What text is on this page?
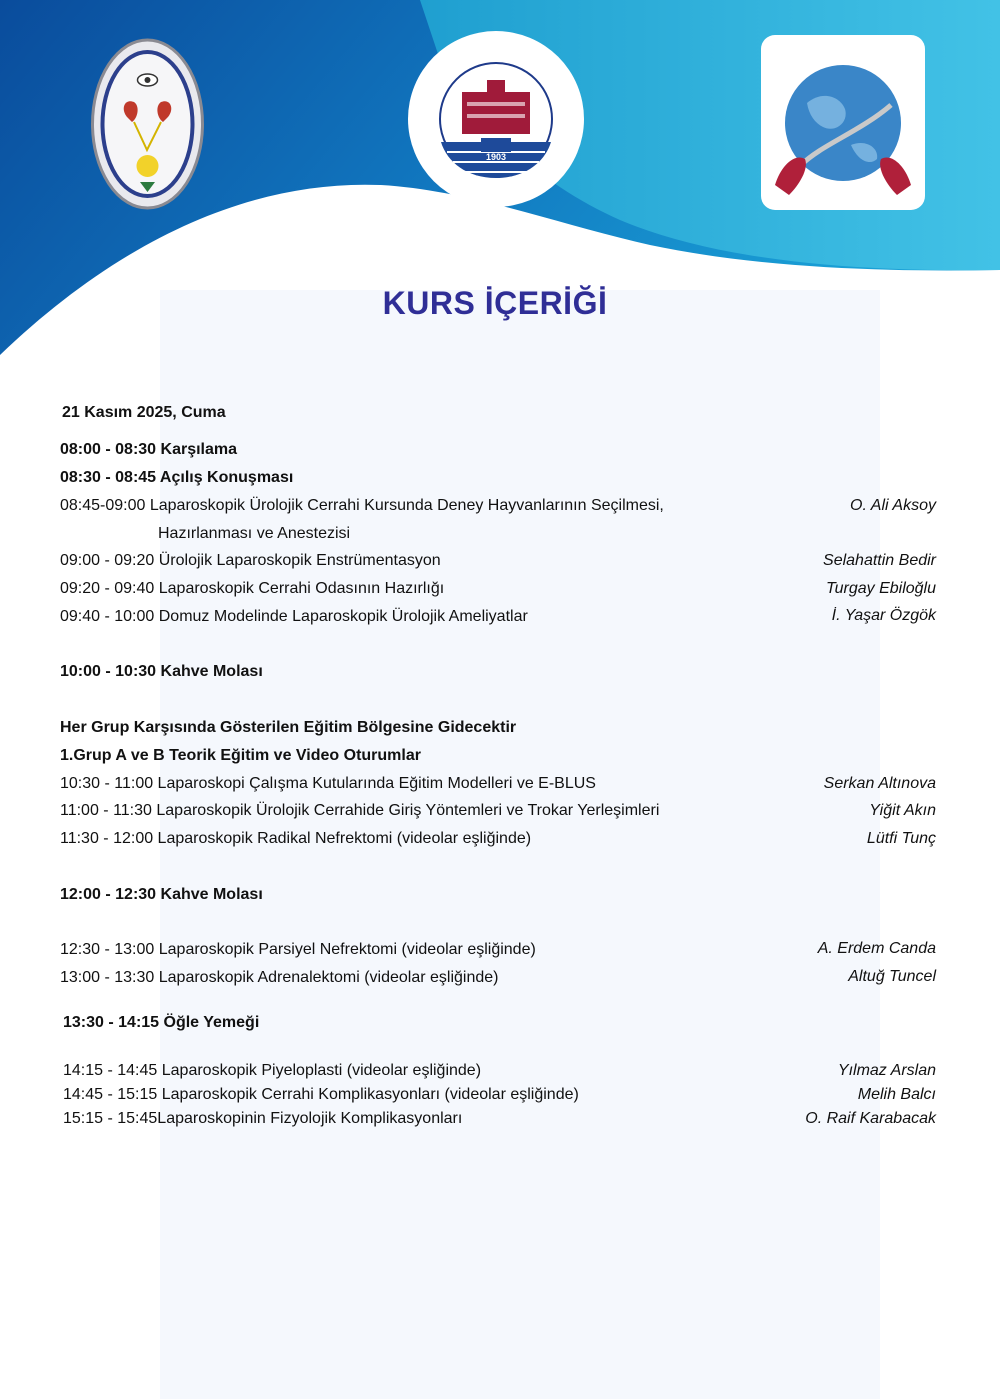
1903
KURS İÇERİĞİ
21 Kasım 2025, Cuma
08:00 - 08:30 Karşılama
08:30 - 08:45 Açılış Konuşması
08:45-09:00 Laparoskopik Ürolojik Cerrahi Kursunda Deney Hayvanlarının Seçilmesi,	O. Ali Aksoy
Hazırlanması ve Anestezisi
09:00 - 09:20 Ürolojik Laparoskopik Enstrümentasyon	Selahattin Bedir
09:20 - 09:40 Laparoskopik Cerrahi Odasının Hazırlığı	Turgay Ebiloğlu
09:40 - 10:00 Domuz Modelinde Laparoskopik Ürolojik Ameliyatlar	İ. Yaşar Özgök
10:00 - 10:30 Kahve Molası
Her Grup Karşısında Gösterilen Eğitim Bölgesine Gidecektir
1.Grup A ve B Teorik Eğitim ve Video Oturumlar
10:30 - 11:00 Laparoskopi Çalışma Kutularında Eğitim Modelleri ve E-BLUS	Serkan Altınova
11:00 - 11:30 Laparoskopik Ürolojik Cerrahide Giriş Yöntemleri ve Trokar Yerleşimleri	Yiğit Akın
11:30 - 12:00 Laparoskopik Radikal Nefrektomi (videolar eşliğinde)	Lütfi Tunç
12:00 - 12:30 Kahve Molası
12:30 - 13:00 Laparoskopik Parsiyel Nefrektomi (videolar eşliğinde)	A. Erdem Canda
13:00 - 13:30 Laparoskopik Adrenalektomi (videolar eşliğinde)	Altuğ Tuncel
13:30 - 14:15 Öğle Yemeği
14:15 - 14:45 Laparoskopik Piyeloplasti (videolar eşliğinde)	Yılmaz Arslan
14:45 - 15:15 Laparoskopik Cerrahi Komplikasyonları (videolar eşliğinde)	Melih Balcı
15:15 - 15:45Laparoskopinin Fizyolojik Komplikasyonları	O. Raif Karabacak
